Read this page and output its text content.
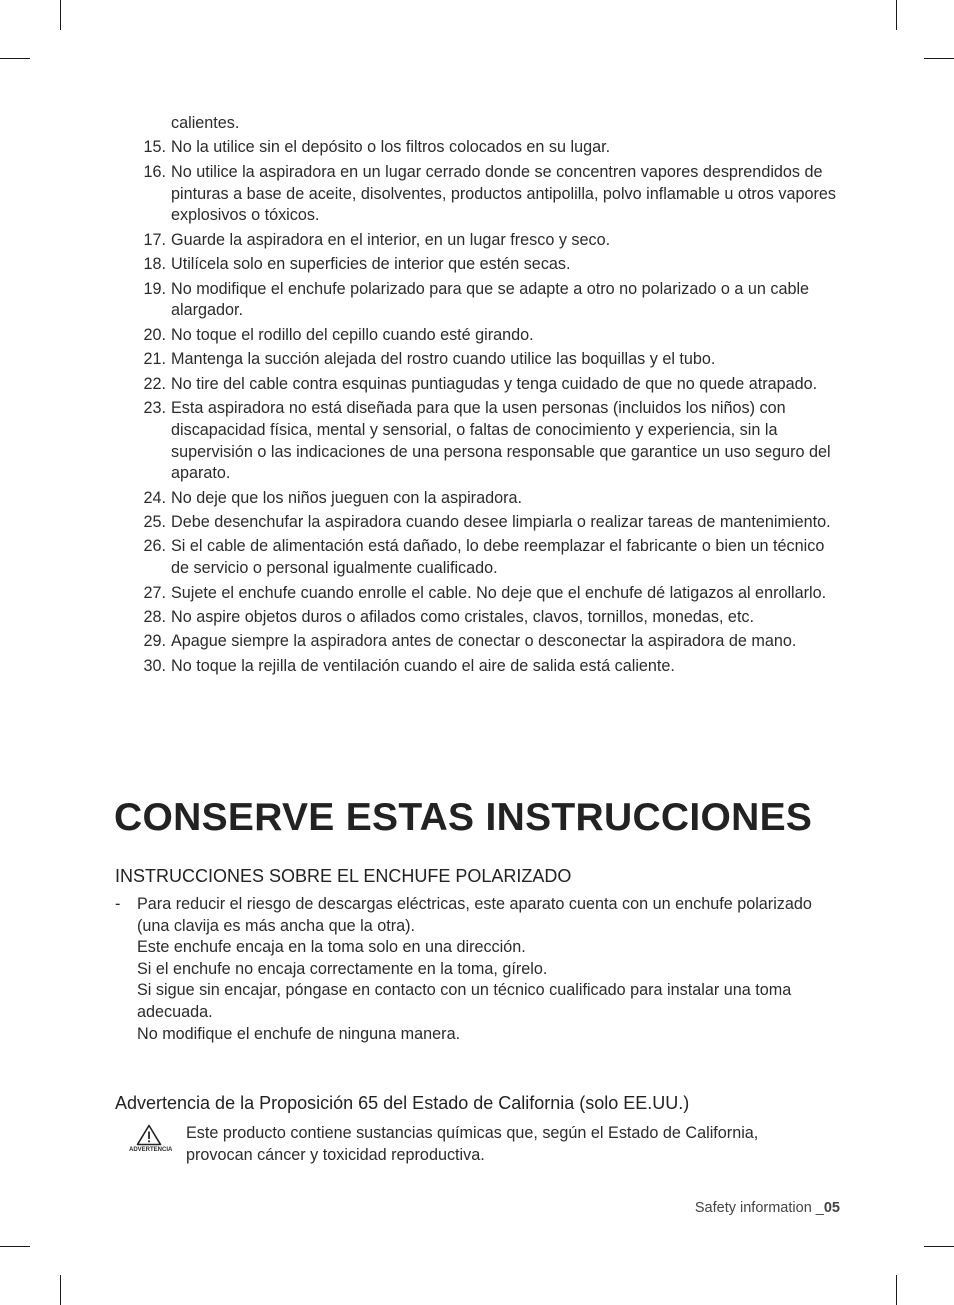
calientes.
15. No la utilice sin el depósito o los filtros colocados en su lugar.
16. No utilice la aspiradora en un lugar cerrado donde se concentren vapores desprendidos de pinturas a base de aceite, disolventes, productos antipolilla, polvo inflamable u otros vapores explosivos o tóxicos.
17. Guarde la aspiradora en el interior, en un lugar fresco y seco.
18. Utilícela solo en superficies de interior que estén secas.
19. No modifique el enchufe polarizado para que se adapte a otro no polarizado o a un cable alargador.
20. No toque el rodillo del cepillo cuando esté girando.
21. Mantenga la succión alejada del rostro cuando utilice las boquillas y el tubo.
22. No tire del cable contra esquinas puntiagudas y tenga cuidado de que no quede atrapado.
23. Esta aspiradora no está diseñada para que la usen personas (incluidos los niños) con discapacidad física, mental y sensorial, o faltas de conocimiento y experiencia, sin la supervisión o las indicaciones de una persona responsable que garantice un uso seguro del aparato.
24. No deje que los niños jueguen con la aspiradora.
25. Debe desenchufar la aspiradora cuando desee limpiarla o realizar tareas de mantenimiento.
26. Si el cable de alimentación está dañado, lo debe reemplazar el fabricante o bien un técnico de servicio o personal igualmente cualificado.
27. Sujete el enchufe cuando enrolle el cable. No deje que el enchufe dé latigazos al enrollarlo.
28. No aspire objetos duros o afilados como cristales, clavos, tornillos, monedas, etc.
29. Apague siempre la aspiradora antes de conectar o desconectar la aspiradora de mano.
30. No toque la rejilla de ventilación cuando el aire de salida está caliente.
CONSERVE ESTAS INSTRUCCIONES
INSTRUCCIONES SOBRE EL ENCHUFE POLARIZADO
- Para reducir el riesgo de descargas eléctricas, este aparato cuenta con un enchufe polarizado (una clavija es más ancha que la otra).
Este enchufe encaja en la toma solo en una dirección.
Si el enchufe no encaja correctamente en la toma, gírelo.
Si sigue sin encajar, póngase en contacto con un técnico cualificado para instalar una toma adecuada.
No modifique el enchufe de ninguna manera.
Advertencia de la Proposición 65 del Estado de California (solo EE.UU.)
ADVERTENCIA
Este producto contiene sustancias químicas que, según el Estado de California, provocan cáncer y toxicidad reproductiva.
Safety information _05
